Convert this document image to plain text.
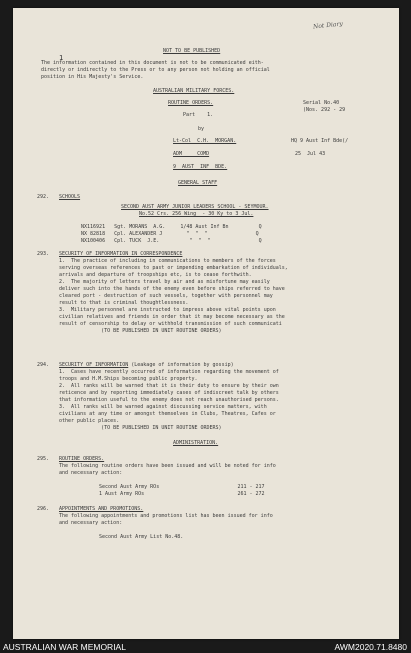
Not Diary
1
NOT TO BE PUBLISHED
The information contained in this document is not to be communicated eith-
directly or indirectly to the Press or to any person not holding an official
position in His Majesty's Service.
AUSTRALIAN MILITARY FORCES.
ROUTINE ORDERS.	Serial No.40
(Nos. 292 - 29
Part    1.
by
Lt-Col  C.H.  MORGAN.	HQ 9 Aust Inf Bde(/
ADM     COMD	25  Jul 43
9  AUST  INF  BDE.
GENERAL STAFF
292. SCHOOLS
SECOND AUST ARMY JUNIOR LEADERS SCHOOL - SEYMOUR.
No.52 Crs. 256 Wing  - 30 Ky to 3 Jul.
NX116921   Sgt. MORANS  A.G.     1/48 Aust Inf Bn          Q
NX 82818   Cpl. ALEXANDER J        "  "  "                Q
NX100406   Cpl. TUCK  J.E.          "  "  "                Q
293. SECURITY OF INFORMATION IN CORRESPONDENCE
1.  The practice of including in communications to members of the forces
serving overseas references to past or impending embarkation of individuals,
arrivals and departure of troopships etc, is to cease forthwith.
2.  The majority of letters travel by air and as misfortune may easily
deliver such into the hands of the enemy even before ships referred to have
cleared port - destruction of such vessels, together with personnel may
result to that is criminal thoughtlessness.
3.  Military personnel are instructed to impress above vital points upon
civilian relatives and friends in order that it may become necessary as the
result of censorship to delay or withhold transmission of such communicati
(TO BE PUBLISHED IN UNIT ROUTINE ORDERS)
294. SECURITY OF INFORMATION (Leakage of information by gossip)
1.  Cases have recently occurred of information regarding the movement of
troops and H.M.Ships becoming public property.
2.  All ranks will be warned that it is their duty to ensure by their own
reticence and by reporting immediately cases of indiscreet talk by others
that information useful to the enemy does not reach unauthorised persons.
3.  All ranks will be warned against discussing service matters, with
civilians at any time or amongst themselves in Clubs, Theatres, Cafes or
other public places.
(TO BE PUBLISHED IN UNIT ROUTINE ORDERS)
ADMINISTRATION.
295. ROUTINE ORDERS.
The following routine orders have been issued and will be noted for info
and necessary action:
Second Aust Army ROs                          211 - 217
1 Aust Army ROs                               261 - 272
296. APPOINTMENTS AND PROMOTIONS.
The following appointments and promotions list has been issued for info
and necessary action:
Second Aust Army List No.48.
AUSTRALIAN WAR MEMORIAL	AWM2020.71.8480
